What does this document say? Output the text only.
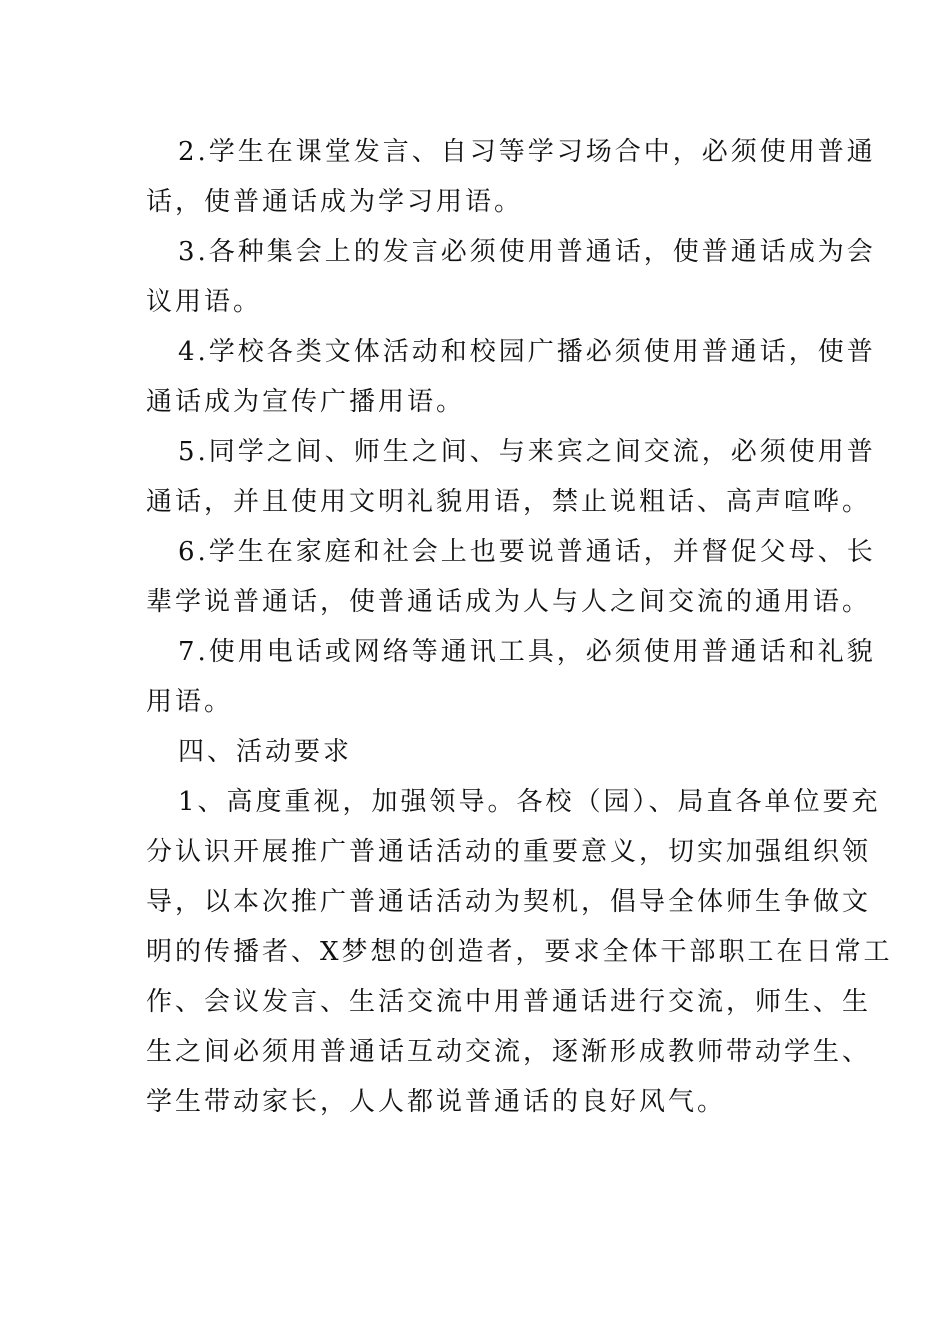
2.学生在课堂发言、自习等学习场合中，必须使用普通
话，使普通话成为学习用语。
3.各种集会上的发言必须使用普通话，使普通话成为会
议用语。
4.学校各类文体活动和校园广播必须使用普通话，使普
通话成为宣传广播用语。
5.同学之间、师生之间、与来宾之间交流，必须使用普
通话，并且使用文明礼貌用语，禁止说粗话、高声喧哗。
6.学生在家庭和社会上也要说普通话，并督促父母、长
辈学说普通话，使普通话成为人与人之间交流的通用语。
7.使用电话或网络等通讯工具，必须使用普通话和礼貌
用语。
四、活动要求
1、高度重视，加强领导。各校（园）、局直各单位要充
分认识开展推广普通话活动的重要意义，切实加强组织领
导，以本次推广普通话活动为契机，倡导全体师生争做文
明的传播者、X梦想的创造者，要求全体干部职工在日常工
作、会议发言、生活交流中用普通话进行交流，师生、生
生之间必须用普通话互动交流，逐渐形成教师带动学生、
学生带动家长，人人都说普通话的良好风气。
